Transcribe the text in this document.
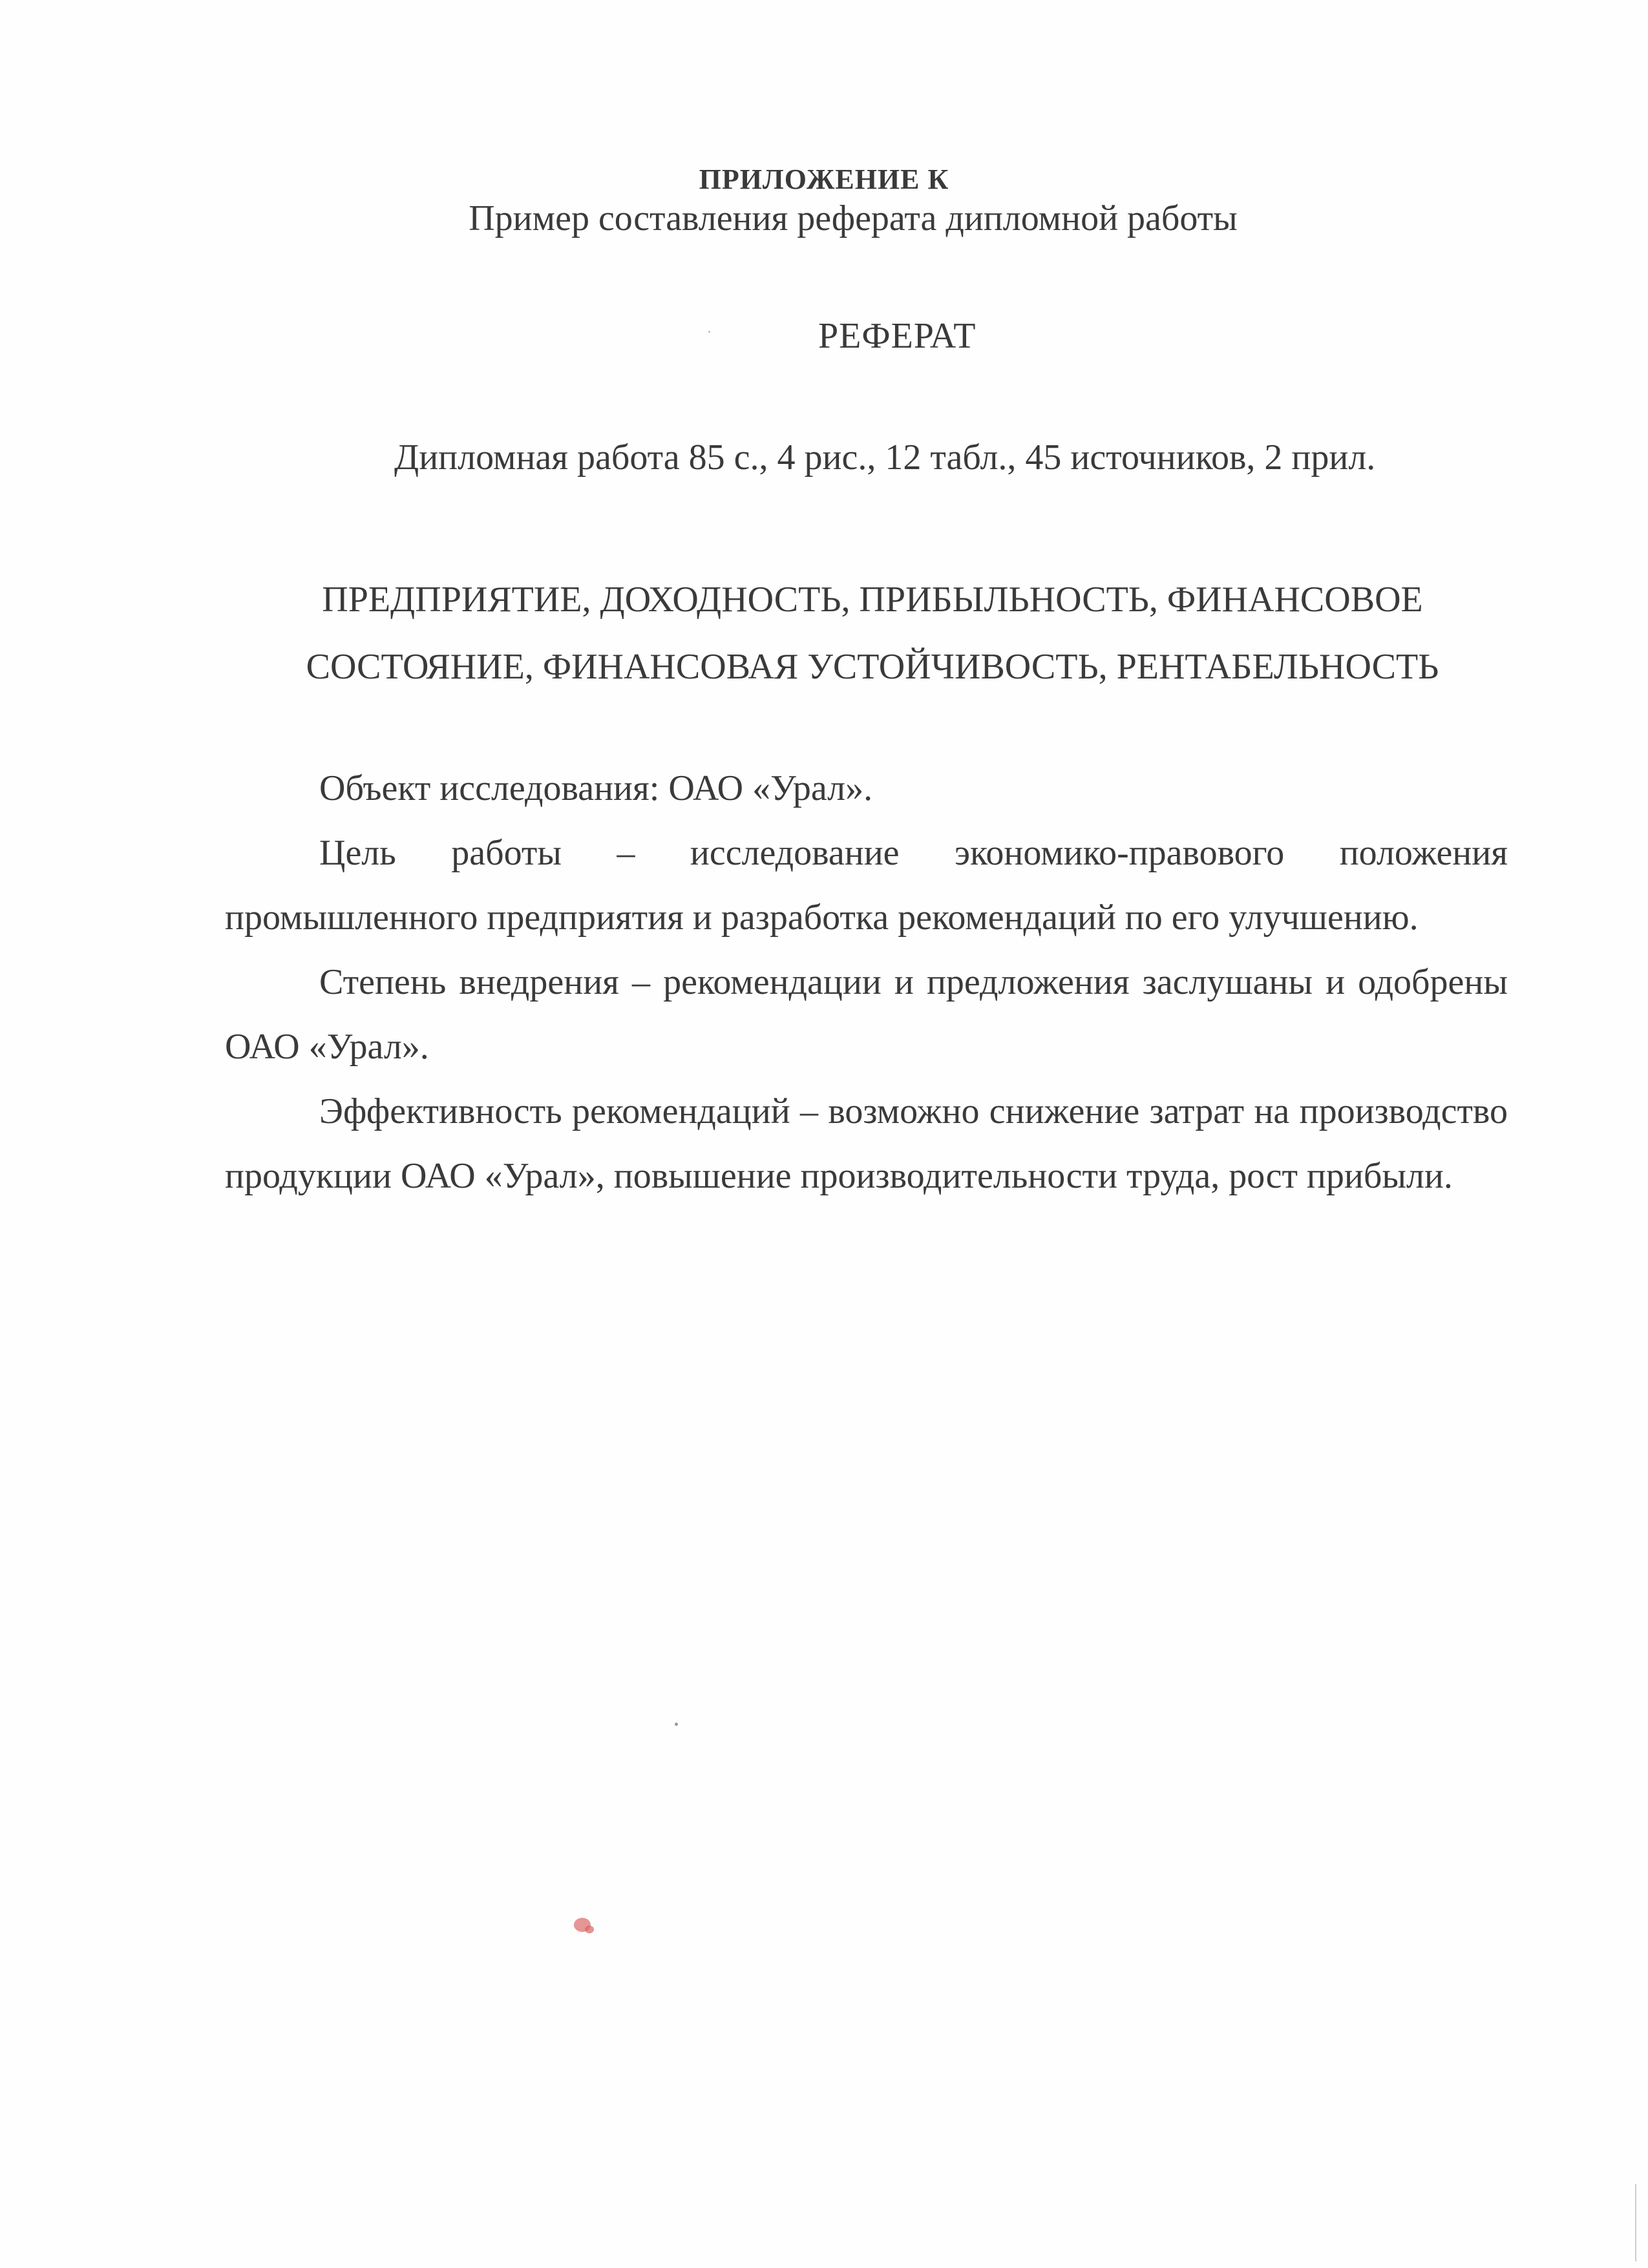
ПРИЛОЖЕНИЕ К
Пример составления реферата дипломной работы
РЕФЕРАТ
Дипломная работа 85 с., 4 рис., 12 табл., 45 источников, 2 прил.
ПРЕДПРИЯТИЕ, ДОХОДНОСТЬ, ПРИБЫЛЬНОСТЬ, ФИНАНСОВОЕ
СОСТОЯНИЕ, ФИНАНСОВАЯ УСТОЙЧИВОСТЬ, РЕНТАБЕЛЬНОСТЬ

Объект исследования: ОАО «Урал».

Цель работы – исследование экономико-правового положения промышленного предприятия и разработка рекомендаций по его улучшению.

Степень внедрения – рекомендации и предложения заслушаны и одобрены ОАО «Урал».

Эффективность рекомендаций – возможно снижение затрат на производство продукции ОАО «Урал», повышение производительности труда, рост прибыли.
